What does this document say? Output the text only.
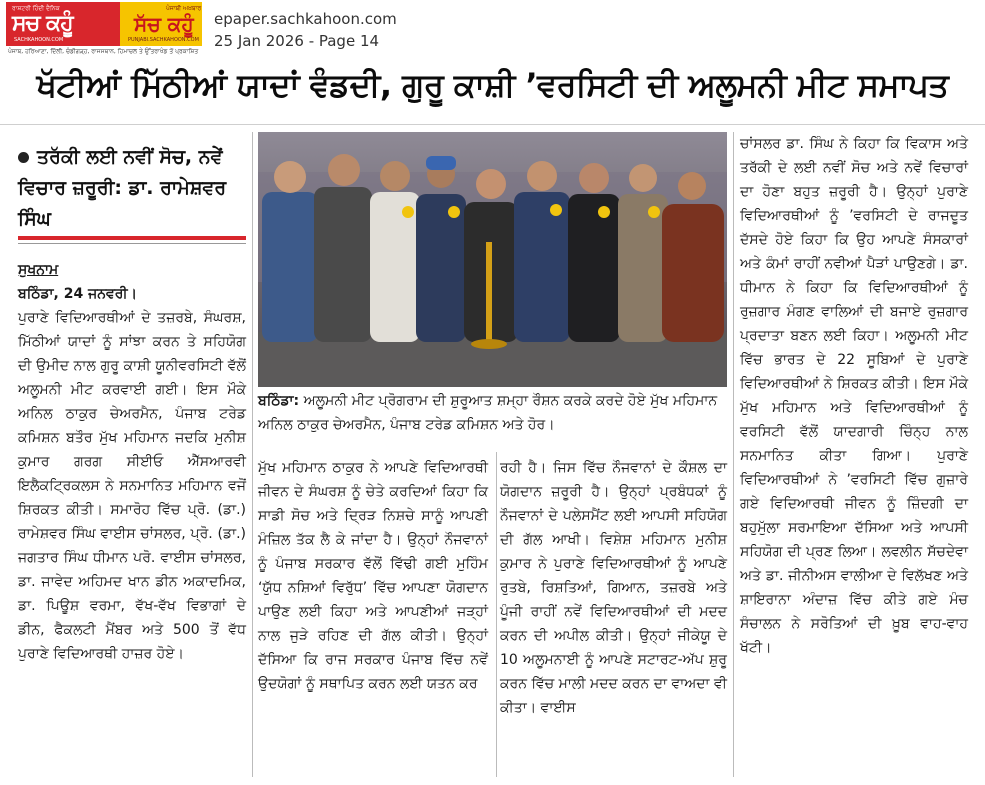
ਰਾਸ਼ਟਰੀ ਹਿੰਦੀ ਦੈਨਿਕ
ਸਚ ਕਹੂੰ
SACHKAHOON.COM
ਪੰਜਾਬੀ ਅਖ਼ਬਾਰ
ਸੱਚ ਕਹੂੰ
PUNJABI.SACHKAHOON.COM
ਪੰਜਾਬ, ਹਰਿਆਣਾ, ਦਿੱਲੀ, ਚੰਡੀਗੜ੍ਹ, ਰਾਜਸਥਾਨ, ਹਿਮਾਚਲ ਤੇ ਉੱਤਰਾਖੰਡ ਤੋਂ ਪ੍ਰਕਾਸ਼ਿਤ
epaper.sachkahoon.com
25 Jan 2026 - Page 14
ਖੱਟੀਆਂ ਮਿੱਠੀਆਂ ਯਾਦਾਂ ਵੰਡਦੀ, ਗੁਰੂ ਕਾਸ਼ੀ ’ਵਰਸਿਟੀ ਦੀ ਅਲੂਮਨੀ ਮੀਟ ਸਮਾਪਤ
ਤਰੱਕੀ ਲਈ ਨਵੀਂ ਸੋਚ, ਨਵੇਂ ਵਿਚਾਰ ਜ਼ਰੂਰੀ: ਡਾ. ਰਾਮੇਸ਼ਵਰ ਸਿੰਘ

ਸੁਖਨਾਮ

ਬਠਿੰਡਾ, 24 ਜਨਵਰੀ।

ਪੁਰਾਣੇ ਵਿਦਿਆਰਥੀਆਂ ਦੇ ਤਜ਼ਰਬੇ, ਸੰਘਰਸ਼, ਮਿੱਠੀਆਂ ਯਾਦਾਂ ਨੂੰ ਸਾਂਝਾ ਕਰਨ ਤੇ ਸਹਿਯੋਗ ਦੀ ਉਮੀਦ ਨਾਲ ਗੁਰੂ ਕਾਸ਼ੀ ਯੂਨੀਵਰਸਿਟੀ ਵੱਲੋਂ ਅਲੂਮਨੀ ਮੀਟ ਕਰਵਾਈ ਗਈ। ਇਸ ਮੌਕੇ ਅਨਿਲ ਠਾਕੁਰ ਚੇਅਰਮੈਨ, ਪੰਜਾਬ ਟਰੇਡ ਕਮਿਸ਼ਨ ਬਤੌਰ ਮੁੱਖ ਮਹਿਮਾਨ ਜਦਕਿ ਮੁਨੀਸ਼ ਕੁਮਾਰ ਗਰਗ ਸੀਈਓ ਐੱਸਆਰਵੀ ਇਲੈਕਟ੍ਰਿਕਲਸ ਨੇ ਸਨਮਾਨਿਤ ਮਹਿਮਾਨ ਵਜੋਂ ਸ਼ਿਰਕਤ ਕੀਤੀ। ਸਮਾਰੋਹ ਵਿੱਚ ਪ੍ਰੋ. (ਡਾ.) ਰਾਮੇਸ਼ਵਰ ਸਿੰਘ ਵਾਈਸ ਚਾਂਸਲਰ, ਪ੍ਰੋ. (ਡਾ.) ਜਗਤਾਰ ਸਿੰਘ ਧੀਮਾਨ ਪਰੋ. ਵਾਈਸ ਚਾਂਸਲਰ, ਡਾ. ਜਾਵੇਦ ਅਹਿਮਦ ਖਾਨ ਡੀਨ ਅਕਾਦਮਿਕ, ਡਾ. ਪਿਊਸ਼ ਵਰਮਾ, ਵੱਖ-ਵੱਖ ਵਿਭਾਗਾਂ ਦੇ ਡੀਨ, ਫੈਕਲਟੀ ਮੈਂਬਰ ਅਤੇ 500 ਤੋਂ ਵੱਧ ਪੁਰਾਣੇ ਵਿਦਿਆਰਥੀ ਹਾਜ਼ਰ ਹੋਏ।

ਬਠਿੰਡਾ: ਅਲੂਮਨੀ ਮੀਟ ਪ੍ਰੋਗਰਾਮ ਦੀ ਸ਼ੁਰੂਆਤ ਸ਼ਮ੍ਹਾ ਰੌਸ਼ਨ ਕਰਕੇ ਕਰਦੇ ਹੋਏ ਮੁੱਖ ਮਹਿਮਾਨ ਅਨਿਲ ਠਾਕੁਰ ਚੇਅਰਮੈਨ, ਪੰਜਾਬ ਟਰੇਡ ਕਮਿਸ਼ਨ ਅਤੇ ਹੋਰ।

ਮੁੱਖ ਮਹਿਮਾਨ ਠਾਕੁਰ ਨੇ ਆਪਣੇ ਵਿਦਿਆਰਥੀ ਜੀਵਨ ਦੇ ਸੰਘਰਸ਼ ਨੂੰ ਚੇਤੇ ਕਰਦਿਆਂ ਕਿਹਾ ਕਿ ਸਾਡੀ ਸੋਚ ਅਤੇ ਦ੍ਰਿੜ ਨਿਸ਼ਚੇ ਸਾਨੂੰ ਆਪਣੀ ਮੰਜ਼ਿਲ ਤੱਕ ਲੈ ਕੇ ਜਾਂਦਾ ਹੈ। ਉਨ੍ਹਾਂ ਨੌਜਵਾਨਾਂ ਨੂੰ ਪੰਜਾਬ ਸਰਕਾਰ ਵੱਲੋਂ ਵਿੱਢੀ ਗਈ ਮੁਹਿੰਮ ‘ਯੁੱਧ ਨਸ਼ਿਆਂ ਵਿਰੁੱਧ’ ਵਿੱਚ ਆਪਣਾ ਯੋਗਦਾਨ ਪਾਉਣ ਲਈ ਕਿਹਾ ਅਤੇ ਆਪਣੀਆਂ ਜੜ੍ਹਾਂ ਨਾਲ ਜੁੜੇ ਰਹਿਣ ਦੀ ਗੱਲ ਕੀਤੀ। ਉਨ੍ਹਾਂ ਦੱਸਿਆ ਕਿ ਰਾਜ ਸਰਕਾਰ ਪੰਜਾਬ ਵਿੱਚ ਨਵੇਂ ਉਦਯੋਗਾਂ ਨੂੰ ਸਥਾਪਿਤ ਕਰਨ ਲਈ ਯਤਨ ਕਰ

ਰਹੀ ਹੈ। ਜਿਸ ਵਿੱਚ ਨੌਜਵਾਨਾਂ ਦੇ ਕੌਸ਼ਲ ਦਾ ਯੋਗਦਾਨ ਜ਼ਰੂਰੀ ਹੈ। ਉਨ੍ਹਾਂ ਪ੍ਰਬੰਧਕਾਂ ਨੂੰ ਨੌਜਵਾਨਾਂ ਦੇ ਪਲੇਸਮੈਂਟ ਲਈ ਆਪਸੀ ਸਹਿਯੋਗ ਦੀ ਗੱਲ ਆਖੀ। ਵਿਸ਼ੇਸ਼ ਮਹਿਮਾਨ ਮੁਨੀਸ਼ ਕੁਮਾਰ ਨੇ ਪੁਰਾਣੇ ਵਿਦਿਆਰਥੀਆਂ ਨੂੰ ਆਪਣੇ ਰੁਤਬੇ, ਰਿਸ਼ਤਿਆਂ, ਗਿਆਨ, ਤਜ਼ਰਬੇ ਅਤੇ ਪੂੰਜੀ ਰਾਹੀਂ ਨਵੇਂ ਵਿਦਿਆਰਥੀਆਂ ਦੀ ਮਦਦ ਕਰਨ ਦੀ ਅਪੀਲ ਕੀਤੀ। ਉਨ੍ਹਾਂ ਜੀਕੇਯੂ ਦੇ 10 ਅਲੂਮਨਾਈ ਨੂੰ ਆਪਣੇ ਸਟਾਰਟ-ਅੱਪ ਸ਼ੁਰੂ ਕਰਨ ਵਿੱਚ ਮਾਲੀ ਮਦਦ ਕਰਨ ਦਾ ਵਾਅਦਾ ਵੀ ਕੀਤਾ। ਵਾਈਸ

ਚਾਂਸਲਰ ਡਾ. ਸਿੰਘ ਨੇ ਕਿਹਾ ਕਿ ਵਿਕਾਸ ਅਤੇ ਤਰੱਕੀ ਦੇ ਲਈ ਨਵੀਂ ਸੋਚ ਅਤੇ ਨਵੇਂ ਵਿਚਾਰਾਂ ਦਾ ਹੋਣਾ ਬਹੁਤ ਜ਼ਰੂਰੀ ਹੈ। ਉਨ੍ਹਾਂ ਪੁਰਾਣੇ ਵਿਦਿਆਰਥੀਆਂ ਨੂੰ ’ਵਰਸਿਟੀ ਦੇ ਰਾਜਦੂਤ ਦੱਸਦੇ ਹੋਏ ਕਿਹਾ ਕਿ ਉਹ ਆਪਣੇ ਸੰਸਕਾਰਾਂ ਅਤੇ ਕੰਮਾਂ ਰਾਹੀਂ ਨਵੀਆਂ ਪੈੜਾਂ ਪਾਉਣਗੇ। ਡਾ. ਧੀਮਾਨ ਨੇ ਕਿਹਾ ਕਿ ਵਿਦਿਆਰਥੀਆਂ ਨੂੰ ਰੁਜ਼ਗਾਰ ਮੰਗਣ ਵਾਲਿਆਂ ਦੀ ਬਜਾਏ ਰੁਜ਼ਗਾਰ ਪ੍ਰਦਾਤਾ ਬਣਨ ਲਈ ਕਿਹਾ। ਅਲੂਮਨੀ ਮੀਟ ਵਿੱਚ ਭਾਰਤ ਦੇ 22 ਸੂਬਿਆਂ ਦੇ ਪੁਰਾਣੇ ਵਿਦਿਆਰਥੀਆਂ ਨੇ ਸ਼ਿਰਕਤ ਕੀਤੀ। ਇਸ ਮੌਕੇ ਮੁੱਖ ਮਹਿਮਾਨ ਅਤੇ ਵਿਦਿਆਰਥੀਆਂ ਨੂੰ ਵਰਸਿਟੀ ਵੱਲੋਂ ਯਾਦਗਾਰੀ ਚਿੰਨ੍ਹ ਨਾਲ ਸਨਮਾਨਿਤ ਕੀਤਾ ਗਿਆ। ਪੁਰਾਣੇ ਵਿਦਿਆਰਥੀਆਂ ਨੇ ’ਵਰਸਿਟੀ ਵਿੱਚ ਗੁਜ਼ਾਰੇ ਗਏ ਵਿਦਿਆਰਥੀ ਜੀਵਨ ਨੂੰ ਜ਼ਿੰਦਗੀ ਦਾ ਬਹੁਮੁੱਲਾ ਸਰਮਾਇਆ ਦੱਸਿਆ ਅਤੇ ਆਪਸੀ ਸਹਿਯੋਗ ਦੀ ਪ੍ਰਣ ਲਿਆ। ਲਵਲੀਨ ਸੱਚਦੇਵਾ ਅਤੇ ਡਾ. ਜੀਨੀਅਸ ਵਾਲੀਆ ਦੇ ਵਿਲੱਖਣ ਅਤੇ ਸ਼ਾਇਰਾਨਾ ਅੰਦਾਜ਼ ਵਿੱਚ ਕੀਤੇ ਗਏ ਮੰਚ ਸੰਚਾਲਨ ਨੇ ਸਰੋਤਿਆਂ ਦੀ ਖ਼ੂਬ ਵਾਹ-ਵਾਹ ਖੱਟੀ।
